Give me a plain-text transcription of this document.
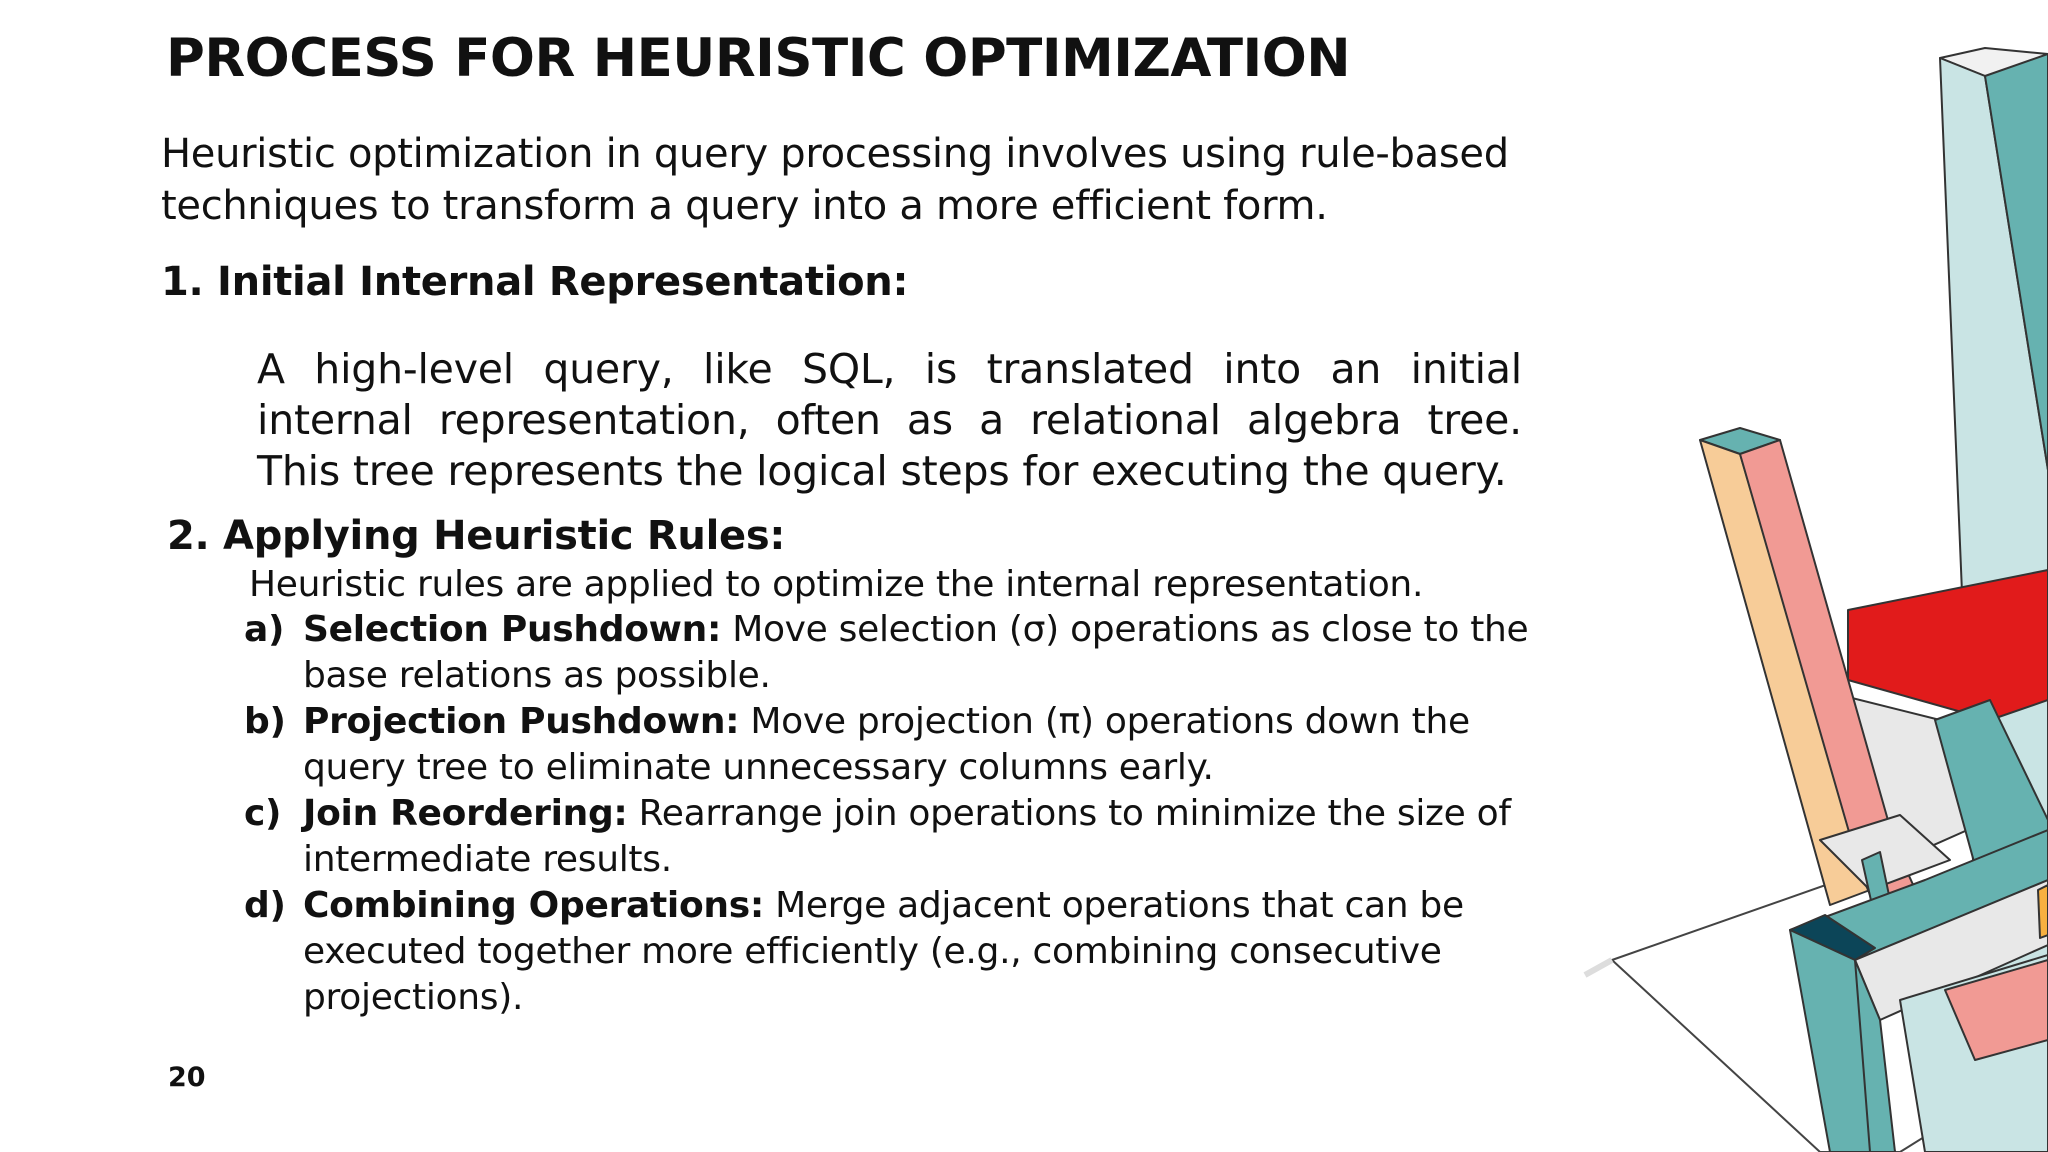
PROCESS FOR HEURISTIC OPTIMIZATION

Heuristic optimization in query processing involves using rule-based techniques to transform a query into a more efficient form.

1. Initial Internal Representation:

A high-level query, like SQL, is translated into an initial internal representation, often as a relational algebra tree. This tree represents the logical steps for executing the query.

2. Applying Heuristic Rules:

Heuristic rules are applied to optimize the internal representation.

a) Selection Pushdown: Move selection (σ) operations as close to the base relations as possible.
b) Projection Pushdown: Move projection (π) operations down the query tree to eliminate unnecessary columns early.
c) Join Reordering: Rearrange join operations to minimize the size of intermediate results.
d) Combining Operations: Merge adjacent operations that can be executed together more efficiently (e.g., combining consecutive projections).

20
